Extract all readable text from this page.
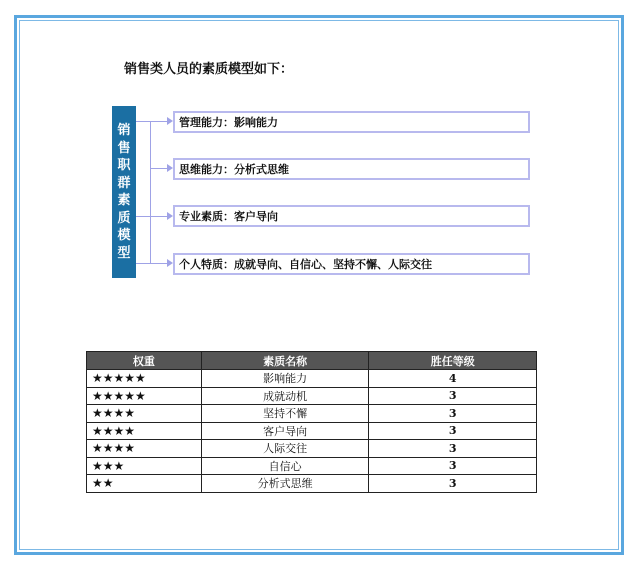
销售类人员的素质模型如下：
销
售
职
群
素
质
模
型
管理能力：影响能力
思维能力：分析式思维
专业素质：客户导向
个人特质：成就导向、自信心、坚持不懈、人际交往
权重	素质名称	胜任等级
★★★★★	影响能力	4
★★★★★	成就动机	3
★★★★	坚持不懈	3
★★★★	客户导向	3
★★★★	人际交往	3
★★★	自信心	3
★★	分析式思维	3
